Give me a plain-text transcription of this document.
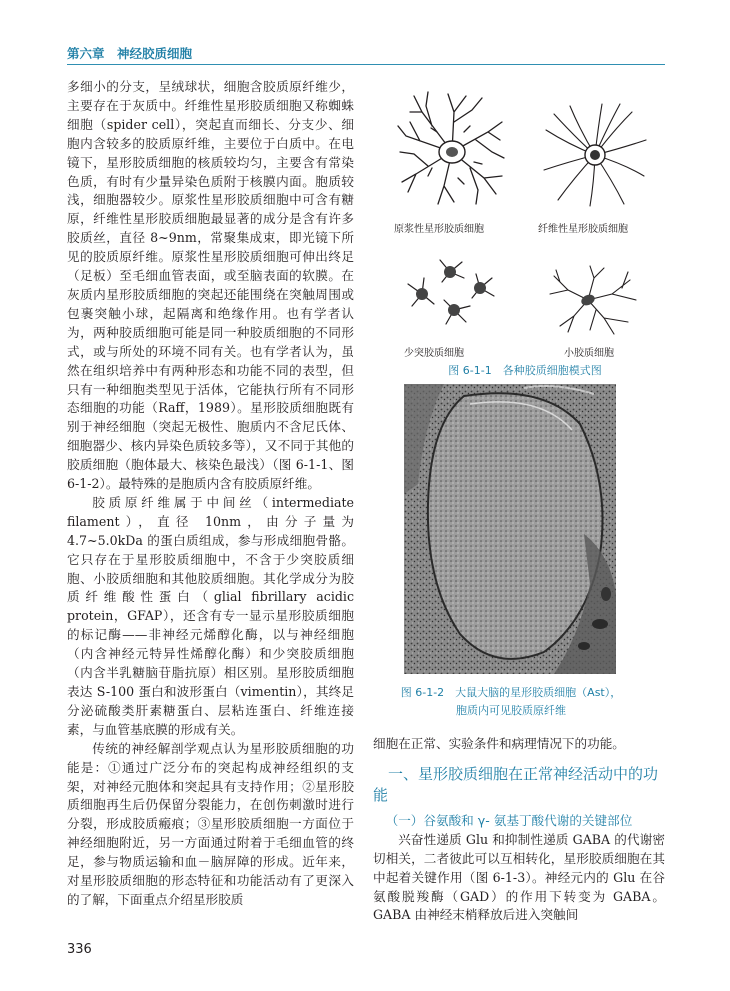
第六章　神经胶质细胞

多细小的分支，呈绒球状，细胞含胶质原纤维少，主要存在于灰质中。纤维性星形胶质细胞又称蜘蛛细胞（spider cell），突起直而细长、分支少、细胞内含较多的胶质原纤维，主要位于白质中。在电镜下，星形胶质细胞的核质较均匀，主要含有常染色质，有时有少量异染色质附于核膜内面。胞质较浅，细胞器较少。原浆性星形胶质细胞中可含有糖原，纤维性星形胶质细胞最显著的成分是含有许多胶质丝，直径 8~9nm，常聚集成束，即光镜下所见的胶质原纤维。原浆性星形胶质细胞可伸出终足（足板）至毛细血管表面，或至脑表面的软膜。在灰质内星形胶质细胞的突起还能围绕在突触周围或包裹突触小球，起隔离和绝缘作用。也有学者认为，两种胶质细胞可能是同一种胶质细胞的不同形式，或与所处的环境不同有关。也有学者认为，虽然在组织培养中有两种形态和功能不同的表型，但只有一种细胞类型见于活体，它能执行所有不同形态细胞的功能（Raff，1989）。星形胶质细胞既有别于神经细胞（突起无极性、胞质内不含尼氏体、细胞器少、核内异染色质较多等），又不同于其他的胶质细胞（胞体最大、核染色最浅）（图 6-1-1、图 6-1-2）。最特殊的是胞质内含有胶质原纤维。

胶质原纤维属于中间丝（intermediate filament），直径 10nm，由分子量为 4.7~5.0kDa 的蛋白质组成，参与形成细胞骨骼。它只存在于星形胶质细胞中，不含于少突胶质细胞、小胶质细胞和其他胶质细胞。其化学成分为胶质纤维酸性蛋白（glial fibrillary acidic protein，GFAP），还含有专一显示星形胶质细胞的标记酶——非神经元烯醇化酶，以与神经细胞（内含神经元特异性烯醇化酶）和少突胶质细胞（内含半乳糖脑苷脂抗原）相区别。星形胶质细胞表达 S-100 蛋白和波形蛋白（vimentin），其终足分泌硫酸类肝素糖蛋白、层粘连蛋白、纤维连接素，与血管基底膜的形成有关。

传统的神经解剖学观点认为星形胶质细胞的功能是：①通过广泛分布的突起构成神经组织的支架，对神经元胞体和突起具有支持作用；②星形胶质细胞再生后仍保留分裂能力，在创伤刺激时进行分裂，形成胶质瘢痕；③星形胶质细胞一方面位于神经细胞附近，另一方面通过附着于毛细血管的终足，参与物质运输和血－脑屏障的形成。近年来，对星形胶质细胞的形态特征和功能活动有了更深入的了解，下面重点介绍星形胶质

原浆性星形胶质细胞	纤维性星形胶质细胞
少突胶质细胞	小胶质细胞
图 6-1-1　各种胶质细胞模式图
图 6-1-2　大鼠大脑的星形胶质细胞（Ast），
胞质内可见胶质原纤维

细胞在正常、实验条件和病理情况下的功能。

一、星形胶质细胞在正常神经活动中的功能
（一）谷氨酸和 γ- 氨基丁酸代谢的关键部位

兴奋性递质 Glu 和抑制性递质 GABA 的代谢密切相关，二者彼此可以互相转化，星形胶质细胞在其中起着关键作用（图 6-1-3）。神经元内的 Glu 在谷氨酸脱羧酶（GAD）的作用下转变为 GABA。GABA 由神经末梢释放后进入突触间

336
